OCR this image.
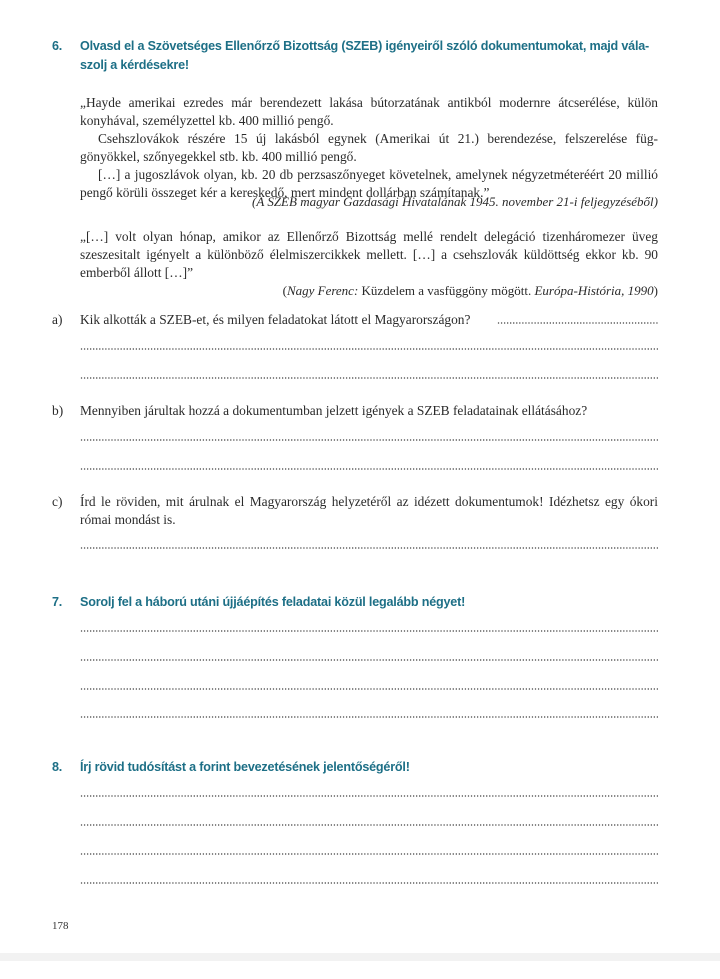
6. Olvasd el a Szövetséges Ellenőrző Bizottság (SZEB) igényeiről szóló dokumentumokat, majd vála-
szolj a kérdésekre!

„Hayde amerikai ezredes már berendezett lakása bútorzatának antikból modernre átcserélése, külön konyhával, személyzettel kb. 400 millió pengő.

Csehszlovákok részére 15 új lakásból egynek (Amerikai út 21.) berendezése, felszerelése füg-gönyökkel, szőnyegekkel stb. kb. 400 millió pengő.

[…] a jugoszlávok olyan, kb. 20 db perzsaszőnyeget követelnek, amelynek négyzetméteréért 20 millió pengő körüli összeget kér a kereskedő, mert mindent dollárban számítanak.”

(A SZEB magyar Gazdasági Hivatalának 1945. november 21-i feljegyzéséből)

„[…] volt olyan hónap, amikor az Ellenőrző Bizottság mellé rendelt delegáció tizenháromezer üveg szeszesitalt igényelt a különböző élelmiszercikkek mellett. […] a csehszlovák küldöttség ekkor kb. 90 emberből állott […]”

(Nagy Ferenc: Küzdelem a vasfüggöny mögött. Európa-História, 1990)
a) Kik alkották a SZEB-et, és milyen feladatokat látott el Magyarországon?
b) Mennyiben járultak hozzá a dokumentumban jelzett igények a SZEB feladatainak ellátásához?
c) Írd le röviden, mit árulnak el Magyarország helyzetéről az idézett dokumentumok! Idézhetsz egy ókori római mondást is.
7. Sorolj fel a háború utáni újjáépítés feladatai közül legalább négyet!
8. Írj rövid tudósítást a forint bevezetésének jelentőségéről!
178
